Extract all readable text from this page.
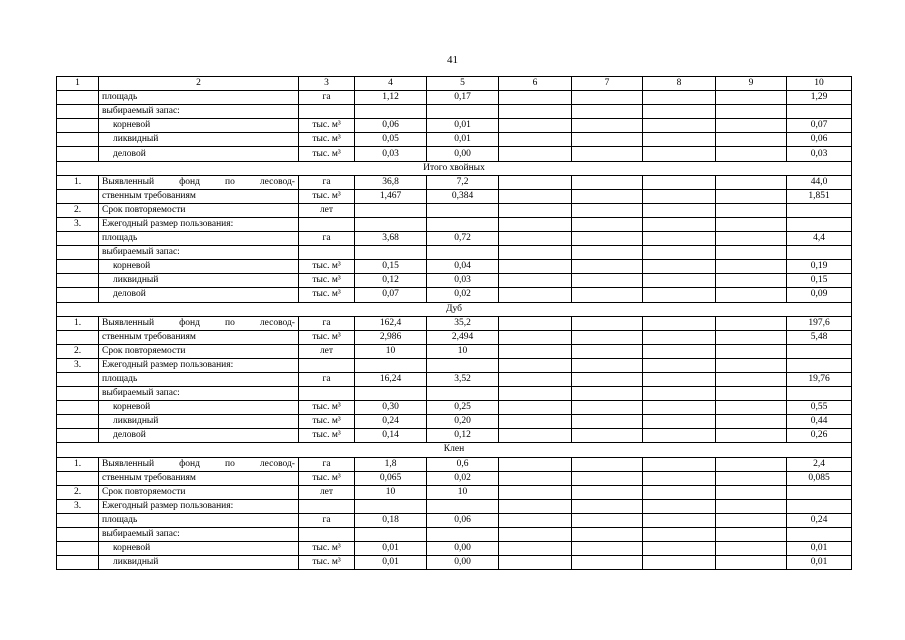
41
1	2	3	4	5	6	7	8	9	10
	площадь	га	1,12	0,17					1,29
	выбираемый запас:								
	корневой	тыс. м³	0,06	0,01					0,07
	ликвидный	тыс. м³	0,05	0,01					0,06
	деловой	тыс. м³	0,03	0,00					0,03
Итого хвойных									
1.	Выявленный фонд по лесовод-	га	36,8	7,2					44,0
	ственным требованиям	тыс. м³	1,467	0,384					1,851
2.	Срок повторяемости	лет							
3.	Ежегодный размер пользования:								
	площадь	га	3,68	0,72					4,4
	выбираемый запас:								
	корневой	тыс. м³	0,15	0,04					0,19
	ликвидный	тыс. м³	0,12	0,03					0,15
	деловой	тыс. м³	0,07	0,02					0,09
Дуб									
1.	Выявленный фонд по лесовод-	га	162,4	35,2					197,6
	ственным требованиям	тыс. м³	2,986	2,494					5,48
2.	Срок повторяемости	лет	10	10					
3.	Ежегодный размер пользования:								
	площадь	га	16,24	3,52					19,76
	выбираемый запас:								
	корневой	тыс. м³	0,30	0,25					0,55
	ликвидный	тыс. м³	0,24	0,20					0,44
	деловой	тыс. м³	0,14	0,12					0,26
Клен									
1.	Выявленный фонд по лесовод-	га	1,8	0,6					2,4
	ственным требованиям	тыс. м³	0,065	0,02					0,085
2.	Срок повторяемости	лет	10	10					
3.	Ежегодный размер пользования:								
	площадь	га	0,18	0,06					0,24
	выбираемый запас:								
	корневой	тыс. м³	0,01	0,00					0,01
	ликвидный	тыс. м³	0,01	0,00					0,01
